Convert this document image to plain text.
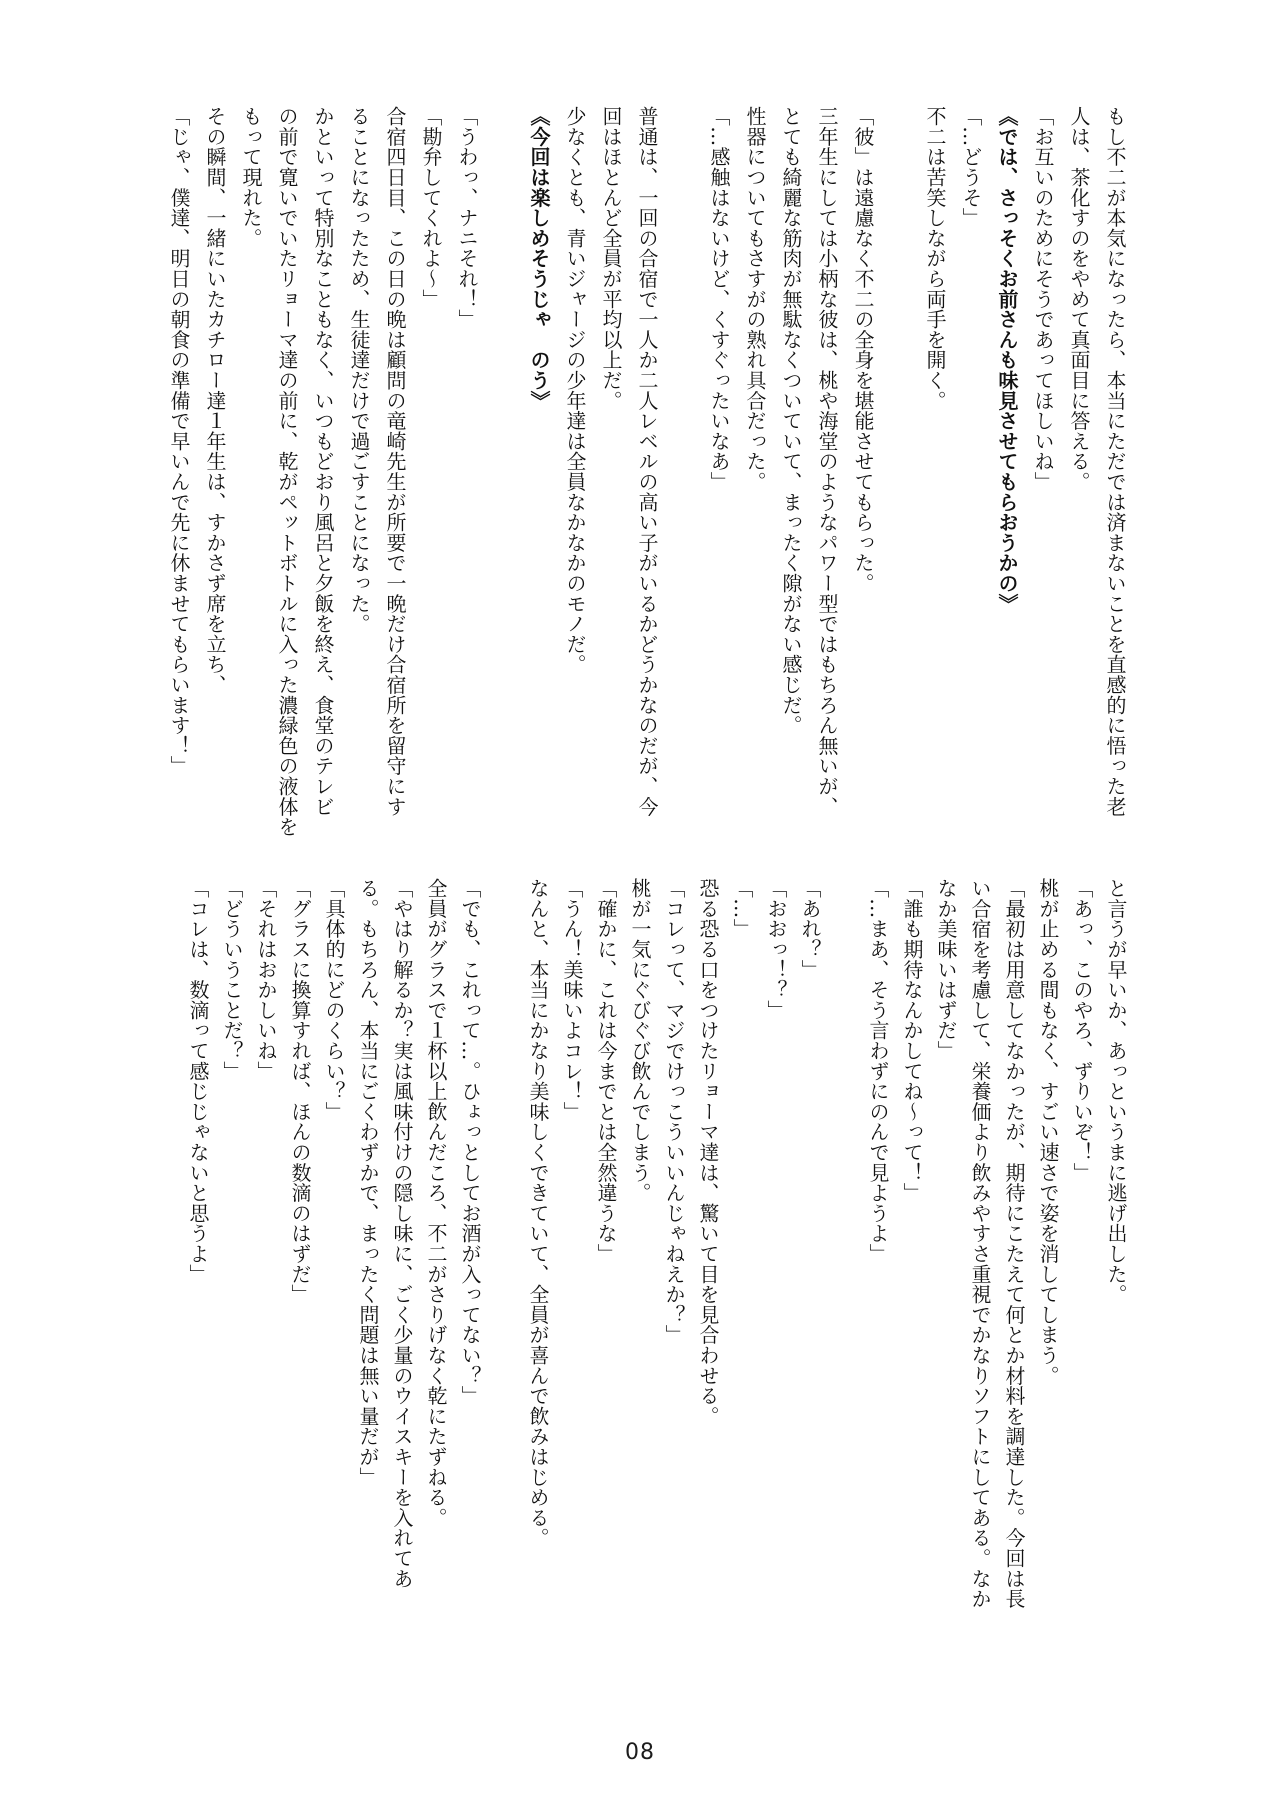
もし不二が本気になったら、本当にただでは済まないことを直感的に悟った老
人は、茶化すのをやめて真面目に答える。
「お互いのためにそうであってほしいね」
《では、さっそくお前さんも味見させてもらおうかの》
「…どうそ」
不二は苦笑しながら両手を開く。
​
「彼」は遠慮なく不二の全身を堪能させてもらった。
三年生にしては小柄な彼は、桃や海堂のようなパワー型ではもちろん無いが、
とても綺麗な筋肉が無駄なくついていて、まったく隙がない感じだ。
性器についてもさすがの熟れ具合だった。
「…感触はないけど、くすぐったいなあ」
​
普通は、一回の合宿で一人か二人レベルの高い子がいるかどうかなのだが、今
回はほとんど全員が平均以上だ。
少なくとも、青いジャージの少年達は全員なかなかのモノだ。
《今回は楽しめそうじゃ　のう》
​
「うわっ、ナニそれ！」
「勘弁してくれよ〜」
合宿四日目、この日の晩は顧問の竜崎先生が所要で一晩だけ合宿所を留守にす
ることになったため、生徒達だけで過ごすことになった。
かといって特別なこともなく、いつもどおり風呂と夕飯を終え、食堂のテレビ
の前で寛いでいたリョーマ達の前に、乾がペットボトルに入った濃緑色の液体を
もって現れた。
その瞬間、一緒にいたカチロー達１年生は、すかさず席を立ち、
「じゃ、僕達、明日の朝食の準備で早いんで先に休ませてもらいます！」
と言うが早いか、あっというまに逃げ出した。
「あっ、このやろ、ずりいぞ！」
桃が止める間もなく、すごい速さで姿を消してしまう。
「最初は用意してなかったが、期待にこたえて何とか材料を調達した。今回は長
い合宿を考慮して、栄養価より飲みやすさ重視でかなりソフトにしてある。なか
なか美味いはずだ」
「誰も期待なんかしてね〜って！」
「…まあ、そう言わずにのんで見ようよ」
​
「あれ？」
「おおっ！？」
「…」
恐る恐る口をつけたリョーマ達は、驚いて目を見合わせる。
「コレって、マジでけっこういいんじゃねえか？」
桃が一気にぐびぐび飲んでしまう。
「確かに、これは今までとは全然違うな」
「うん！美味いよコレ！」
なんと、本当にかなり美味しくできていて、全員が喜んで飲みはじめる。
​
「でも、これって…。ひょっとしてお酒が入ってない？」
全員がグラスで１杯以上飲んだころ、不二がさりげなく乾にたずねる。
「やはり解るか？実は風味付けの隠し味に、ごく少量のウイスキーを入れてあ
る。もちろん、本当にごくわずかで、まったく問題は無い量だが」
「具体的にどのくらい？」
「グラスに換算すれば、ほんの数滴のはずだ」
「それはおかしいね」
「どういうことだ？」
「コレは、数滴って感じじゃないと思うよ」
08
